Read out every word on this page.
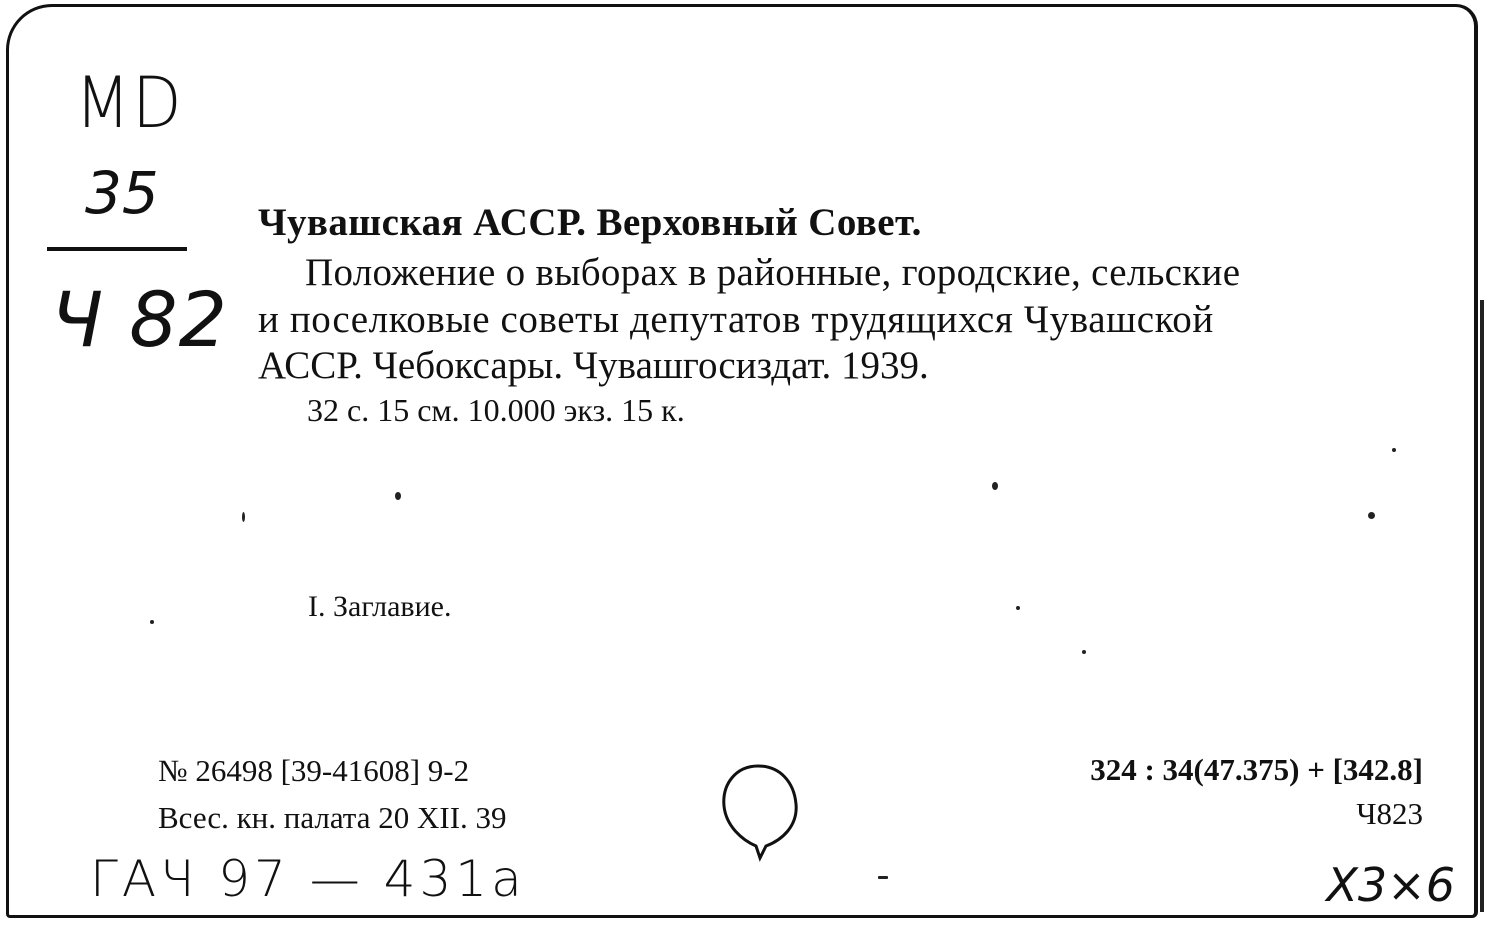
MD
35
Ч 82
Чувашская АССР. Верховный Совет.
Положение о выборах в районные, городские, сельские
и поселковые советы депутатов трудящихся Чувашской
АССР. Чебоксары. Чувашгосиздат. 1939.
32 с. 15 см. 10.000 экз. 15 к.
I. Заглавие.
№ 26498 [39-41608] 9-2
Всес. кн. палата 20 XII. 39
324 : 34(47.375) + [342.8]
Ч823
ГАЧ 97 — 431а	Х3×6
